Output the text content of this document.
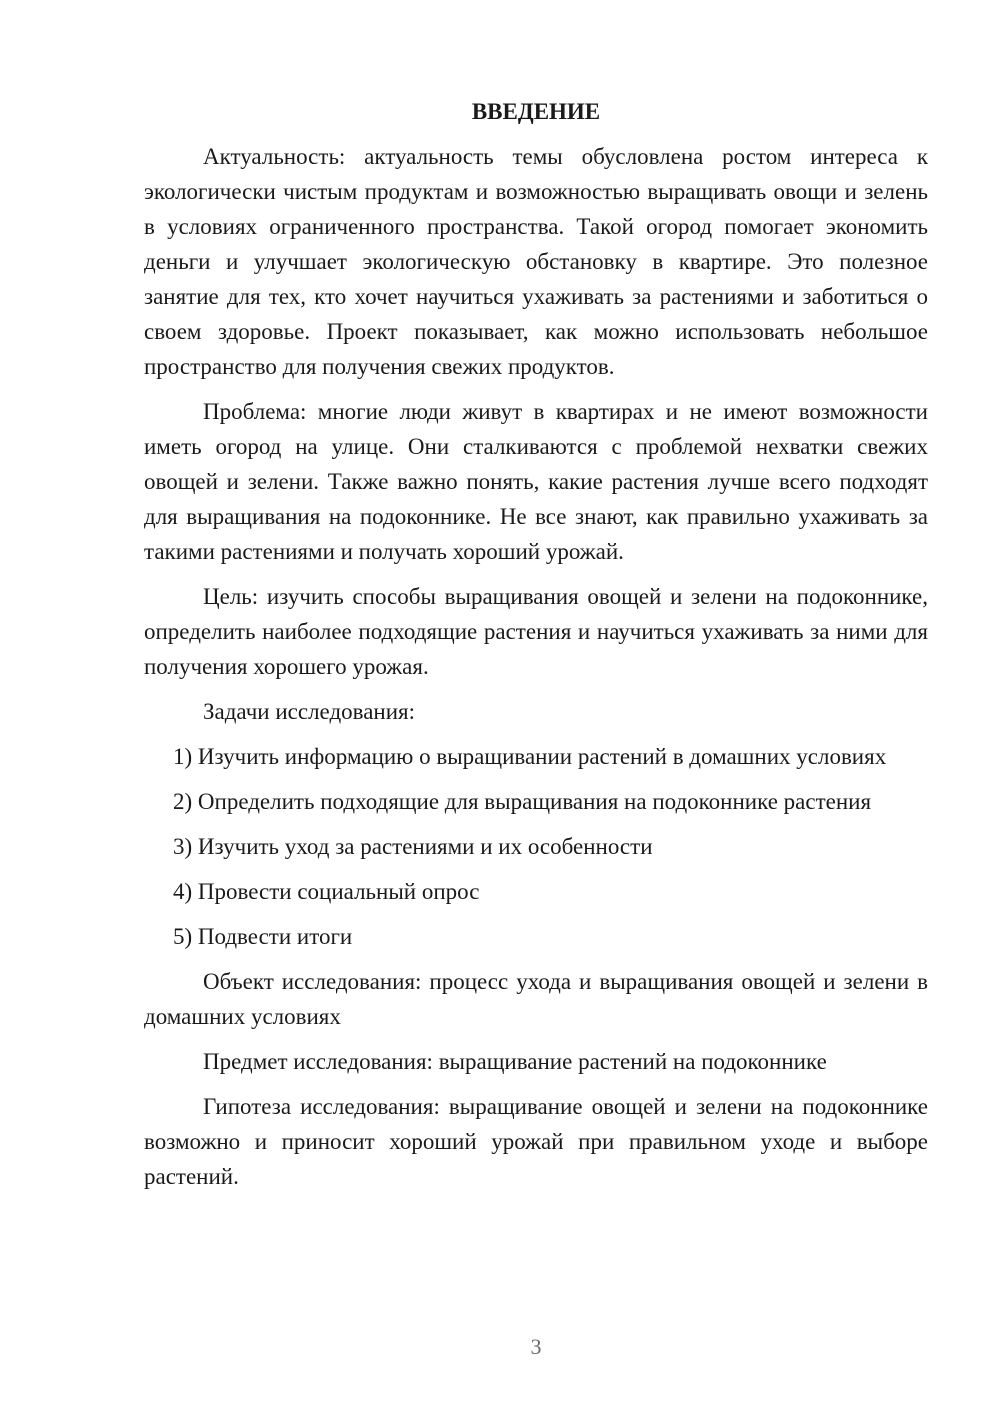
ВВЕДЕНИЕ

Актуальность: актуальность темы обусловлена ростом интереса к экологически чистым продуктам и возможностью выращивать овощи и зелень в условиях ограниченного пространства. Такой огород помогает экономить деньги и улучшает экологическую обстановку в квартире. Это полезное занятие для тех, кто хочет научиться ухаживать за растениями и заботиться о своем здоровье. Проект показывает, как можно использовать небольшое пространство для получения свежих продуктов.

Проблема: многие люди живут в квартирах и не имеют возможности иметь огород на улице. Они сталкиваются с проблемой нехватки свежих овощей и зелени. Также важно понять, какие растения лучше всего подходят для выращивания на подоконнике. Не все знают, как правильно ухаживать за такими растениями и получать хороший урожай.

Цель: изучить способы выращивания овощей и зелени на подоконнике, определить наиболее подходящие растения и научиться ухаживать за ними для получения хорошего урожая.

Задачи исследования:

1) Изучить информацию о выращивании растений в домашних условиях

2) Определить подходящие для выращивания на подоконнике растения

3) Изучить уход за растениями и их особенности

4) Провести социальный опрос

5) Подвести итоги

Объект исследования: процесс ухода и выращивания овощей и зелени в домашних условиях

Предмет исследования: выращивание растений на подоконнике

Гипотеза исследования: выращивание овощей и зелени на подоконнике возможно и приносит хороший урожай при правильном уходе и выборе растений.

3
